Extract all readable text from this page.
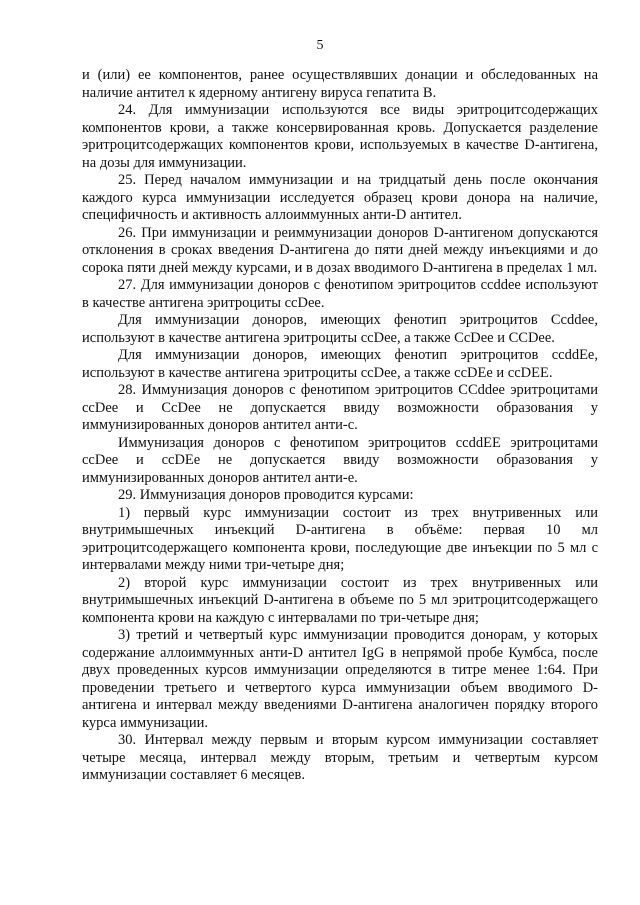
5

и (или) ее компонентов, ранее осуществлявших донации и обследованных на наличие антител к ядерному антигену вируса гепатита B.

24. Для иммунизации используются все виды эритроцитсодержащих компонентов крови, а также консервированная кровь. Допускается разделение эритроцитсодержащих компонентов крови, используемых в качестве D-антигена, на дозы для иммунизации.

25. Перед началом иммунизации и на тридцатый день после окончания каждого курса иммунизации исследуется образец крови донора на наличие, специфичность и активность аллоиммунных анти-D антител.

26. При иммунизации и реиммунизации доноров D-антигеном допускаются отклонения в сроках введения D-антигена до пяти дней между инъекциями и до сорока пяти дней между курсами, и в дозах вводимого D-антигена в пределах 1 мл.

27. Для иммунизации доноров с фенотипом эритроцитов ccddee используют в качестве антигена эритроциты ccDee.

Для иммунизации доноров, имеющих фенотип эритроцитов Ccddee, используют в качестве антигена эритроциты ccDee, а также CcDee и CCDee.

Для иммунизации доноров, имеющих фенотип эритроцитов ccddEe, используют в качестве антигена эритроциты ccDee, а также ccDEe и ccDEE.

28. Иммунизация доноров с фенотипом эритроцитов CCddee эритроцитами ccDee и CcDee не допускается ввиду возможности образования у иммунизированных доноров антител анти-с.

Иммунизация доноров с фенотипом эритроцитов ccddEE эритроцитами ccDee и ccDEe не допускается ввиду возможности образования у иммунизированных доноров антител анти-е.

29. Иммунизация доноров проводится курсами:

1) первый курс иммунизации состоит из трех внутривенных или внутримышечных инъекций D-антигена в объёме: первая 10 мл эритроцитсодержащего компонента крови, последующие две инъекции по 5 мл с интервалами между ними три-четыре дня;

2) второй курс иммунизации состоит из трех внутривенных или внутримышечных инъекций D-антигена в объеме по 5 мл эритроцитсодержащего компонента крови на каждую с интервалами по три-четыре дня;

3) третий и четвертый курс иммунизации проводится донорам, у которых содержание аллоиммунных анти-D антител IgG в непрямой пробе Кумбса, после двух проведенных курсов иммунизации определяются в титре менее 1:64. При проведении третьего и четвертого курса иммунизации объем вводимого D-антигена и интервал между введениями D-антигена аналогичен порядку второго курса иммунизации.

30. Интервал между первым и вторым курсом иммунизации составляет четыре месяца, интервал между вторым, третьим и четвертым курсом иммунизации составляет 6 месяцев.
